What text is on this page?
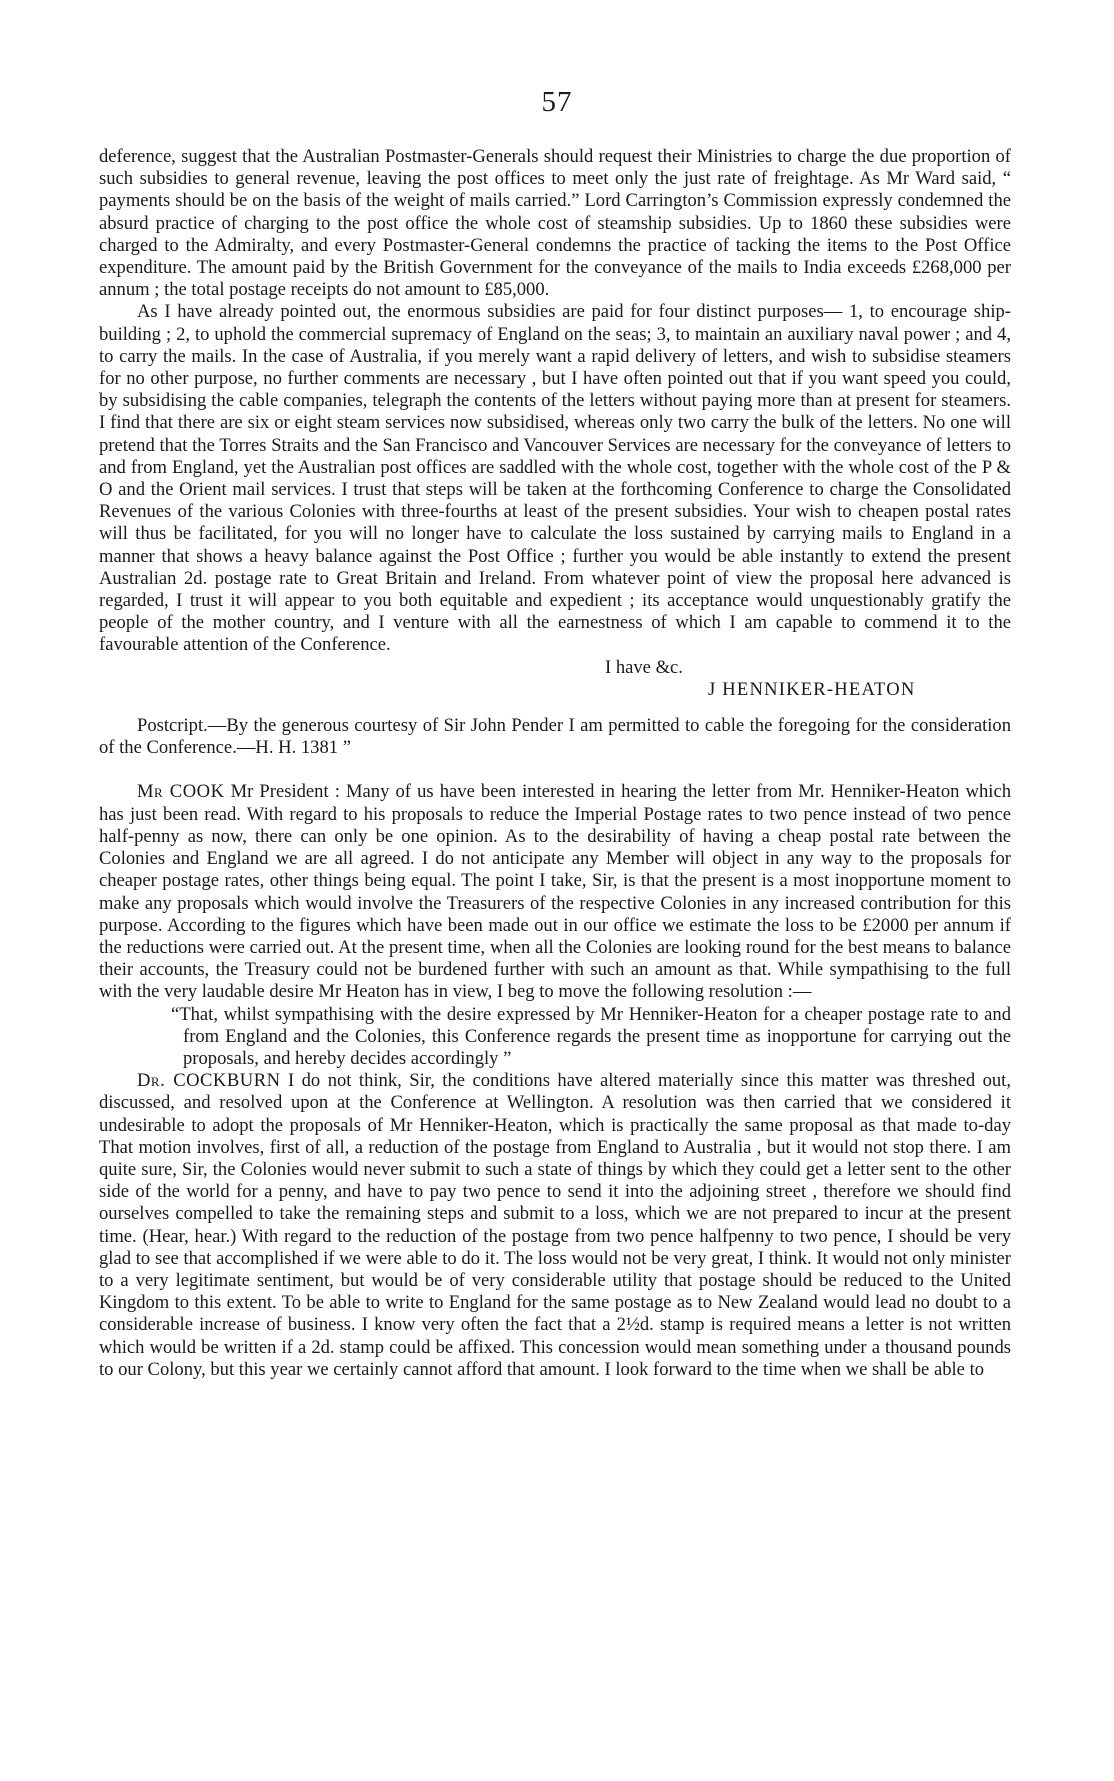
57

deference, suggest that the Australian Postmaster-Generals should request their Ministries to charge the due proportion of such subsidies to general revenue, leaving the post offices to meet only the just rate of freightage. As Mr Ward said, “ payments should be on the basis of the weight of mails carried.” Lord Carrington’s Commission expressly condemned the absurd practice of charging to the post office the whole cost of steamship subsidies. Up to 1860 these subsidies were charged to the Admiralty, and every Postmaster-General condemns the practice of tacking the items to the Post Office expenditure. The amount paid by the British Government for the conveyance of the mails to India exceeds £268,000 per annum ; the total postage receipts do not amount to £85,000.

As I have already pointed out, the enormous subsidies are paid for four distinct purposes— 1, to encourage ship-building ; 2, to uphold the commercial supremacy of England on the seas; 3, to maintain an auxiliary naval power ; and 4, to carry the mails. In the case of Australia, if you merely want a rapid delivery of letters, and wish to subsidise steamers for no other purpose, no further comments are necessary , but I have often pointed out that if you want speed you could, by subsidising the cable companies, telegraph the contents of the letters without paying more than at present for steamers. I find that there are six or eight steam services now subsidised, whereas only two carry the bulk of the letters. No one will pretend that the Torres Straits and the San Francisco and Vancouver Services are necessary for the conveyance of letters to and from England, yet the Australian post offices are saddled with the whole cost, together with the whole cost of the P & O and the Orient mail services. I trust that steps will be taken at the forthcoming Conference to charge the Consolidated Revenues of the various Colonies with three-fourths at least of the present subsidies. Your wish to cheapen postal rates will thus be facilitated, for you will no longer have to calculate the loss sustained by carrying mails to England in a manner that shows a heavy balance against the Post Office ; further you would be able instantly to extend the present Australian 2d. postage rate to Great Britain and Ireland. From whatever point of view the proposal here advanced is regarded, I trust it will appear to you both equitable and expedient ; its acceptance would unquestionably gratify the people of the mother country, and I venture with all the earnestness of which I am capable to commend it to the favourable attention of the Conference.

I have &c.

J HENNIKER-HEATON

Postcript.—By the generous courtesy of Sir John Pender I am permitted to cable the foregoing for the consideration of the Conference.—H. H. 1381 ”

Mr COOK Mr President : Many of us have been interested in hearing the letter from Mr. Henniker-Heaton which has just been read. With regard to his proposals to reduce the Imperial Postage rates to two pence instead of two pence half-penny as now, there can only be one opinion. As to the desirability of having a cheap postal rate between the Colonies and England we are all agreed. I do not anticipate any Member will object in any way to the proposals for cheaper postage rates, other things being equal. The point I take, Sir, is that the present is a most inopportune moment to make any proposals which would involve the Treasurers of the respective Colonies in any increased contribution for this purpose. According to the figures which have been made out in our office we estimate the loss to be £2000 per annum if the reductions were carried out. At the present time, when all the Colonies are looking round for the best means to balance their accounts, the Treasury could not be burdened further with such an amount as that. While sympathising to the full with the very laudable desire Mr Heaton has in view, I beg to move the following resolution :—

“That, whilst sympathising with the desire expressed by Mr Henniker-Heaton for a cheaper postage rate to and from England and the Colonies, this Conference regards the present time as inopportune for carrying out the proposals, and hereby decides accordingly ”

Dr. COCKBURN I do not think, Sir, the conditions have altered materially since this matter was threshed out, discussed, and resolved upon at the Conference at Wellington. A resolution was then carried that we considered it undesirable to adopt the proposals of Mr Henniker-Heaton, which is practically the same proposal as that made to-day That motion involves, first of all, a reduction of the postage from England to Australia , but it would not stop there. I am quite sure, Sir, the Colonies would never submit to such a state of things by which they could get a letter sent to the other side of the world for a penny, and have to pay two pence to send it into the adjoining street , therefore we should find ourselves compelled to take the remaining steps and submit to a loss, which we are not prepared to incur at the present time. (Hear, hear.) With regard to the reduction of the postage from two pence halfpenny to two pence, I should be very glad to see that accomplished if we were able to do it. The loss would not be very great, I think. It would not only minister to a very legitimate sentiment, but would be of very considerable utility that postage should be reduced to the United Kingdom to this extent. To be able to write to England for the same postage as to New Zealand would lead no doubt to a considerable increase of business. I know very often the fact that a 2½d. stamp is required means a letter is not written which would be written if a 2d. stamp could be affixed. This concession would mean something under a thousand pounds to our Colony, but this year we certainly cannot afford that amount. I look forward to the time when we shall be able to
